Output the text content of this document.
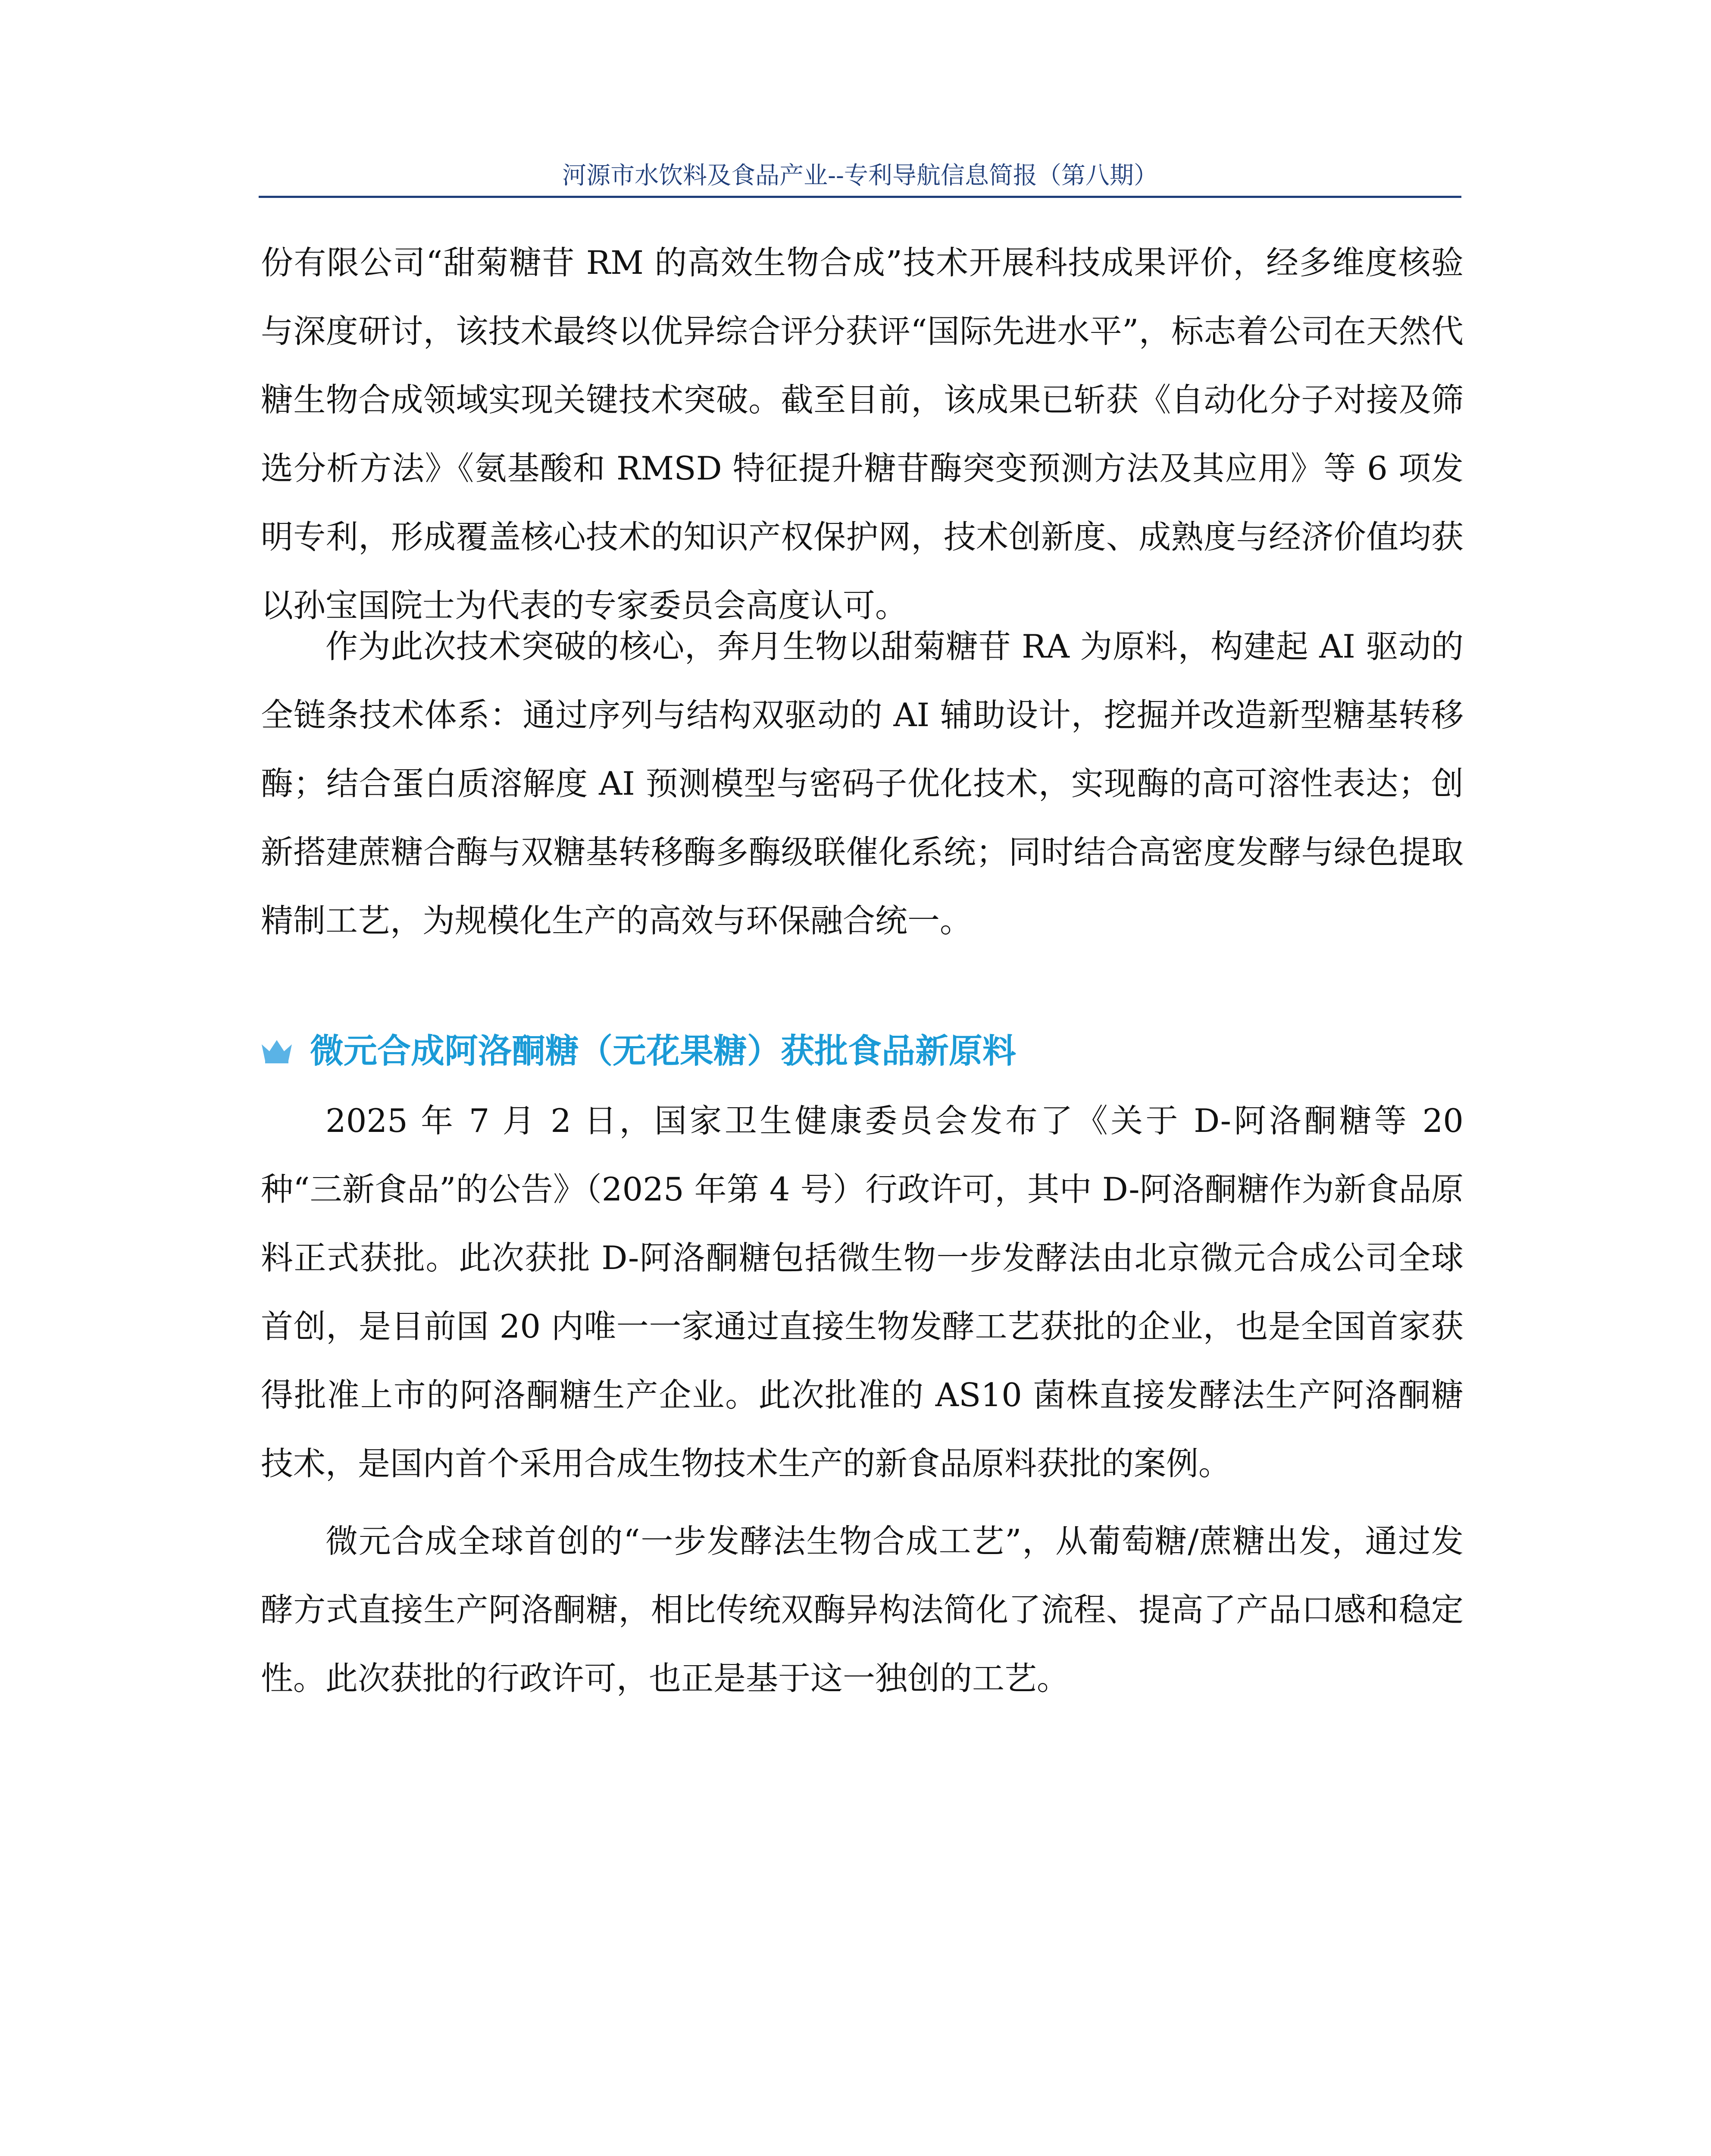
河源市水饮料及食品产业--专利导航信息简报（第八期）

份有限公司“甜菊糖苷 RM 的高效生物合成”技术开展科技成果评价，经多维度核验与深度研讨，该技术最终以优异综合评分获评“国际先进水平”，标志着公司在天然代糖生物合成领域实现关键技术突破。截至目前，该成果已斩获《自动化分子对接及筛选分析方法》《氨基酸和 RMSD 特征提升糖苷酶突变预测方法及其应用》等 6 项发明专利，形成覆盖核心技术的知识产权保护网，技术创新度、成熟度与经济价值均获以孙宝国院士为代表的专家委员会高度认可。

作为此次技术突破的核心，奔月生物以甜菊糖苷 RA 为原料，构建起 AI 驱动的全链条技术体系：通过序列与结构双驱动的 AI 辅助设计，挖掘并改造新型糖基转移酶；结合蛋白质溶解度 AI 预测模型与密码子优化技术，实现酶的高可溶性表达；创新搭建蔗糖合酶与双糖基转移酶多酶级联催化系统；同时结合高密度发酵与绿色提取精制工艺，为规模化生产的高效与环保融合统一。

微元合成阿洛酮糖（无花果糖）获批食品新原料

2025 年 7 月 2 日，国家卫生健康委员会发布了《关于 D-阿洛酮糖等 20 种“三新食品”的公告》（2025 年第 4 号）行政许可，其中 D-阿洛酮糖作为新食品原料正式获批。此次获批 D-阿洛酮糖包括微生物一步发酵法由北京微元合成公司全球首创，是目前国 20 内唯一一家通过直接生物发酵工艺获批的企业，也是全国首家获得批准上市的阿洛酮糖生产企业。此次批准的 AS10 菌株直接发酵法生产阿洛酮糖技术，是国内首个采用合成生物技术生产的新食品原料获批的案例。

微元合成全球首创的“一步发酵法生物合成工艺”，从葡萄糖/蔗糖出发，通过发酵方式直接生产阿洛酮糖，相比传统双酶异构法简化了流程、提高了产品口感和稳定性。此次获批的行政许可，也正是基于这一独创的工艺。
